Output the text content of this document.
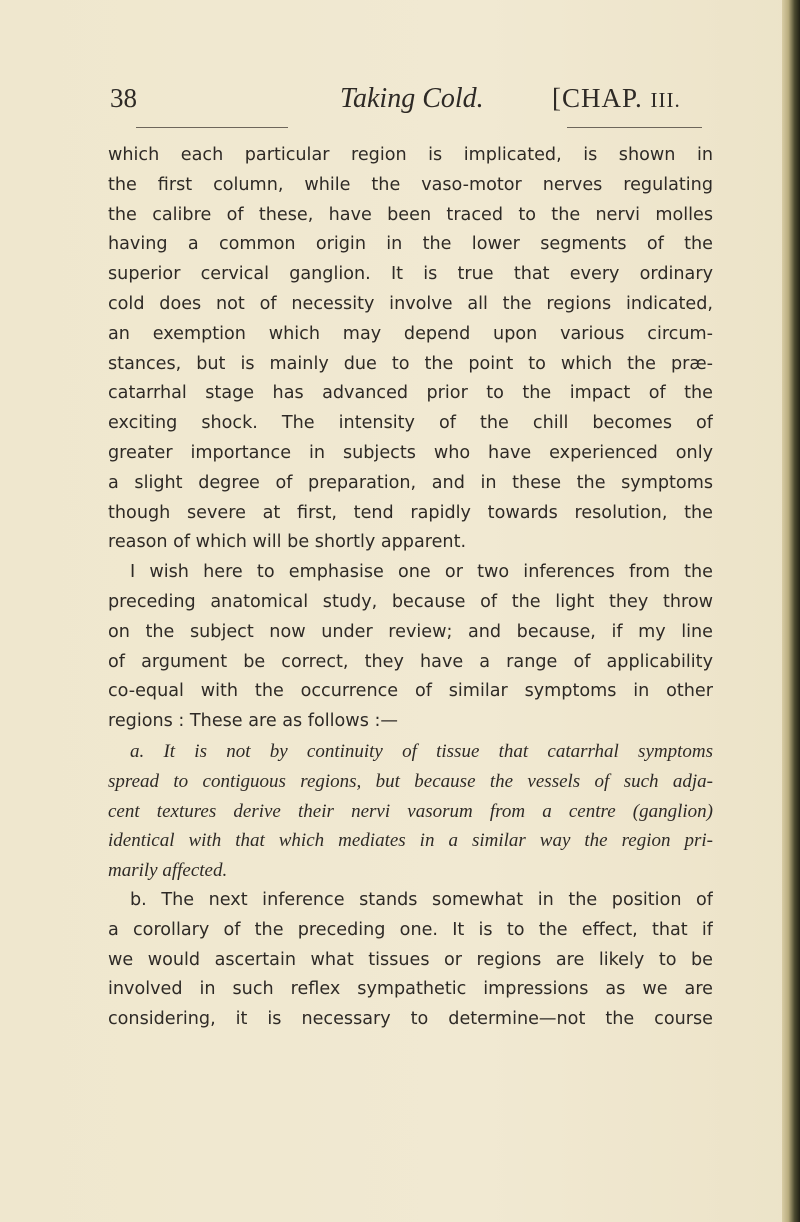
38	Taking Cold.	[CHAP. III.
which each particular region is implicated, is shown in
the first column, while the vaso-motor nerves regulating
the calibre of these, have been traced to the nervi molles
having a common origin in the lower segments of the
superior cervical ganglion. It is true that every ordinary
cold does not of necessity involve all the regions indicated,
an exemption which may depend upon various circum-
stances, but is mainly due to the point to which the præ-
catarrhal stage has advanced prior to the impact of the
exciting shock. The intensity of the chill becomes of
greater importance in subjects who have experienced only
a slight degree of preparation, and in these the symptoms
though severe at first, tend rapidly towards resolution, the
reason of which will be shortly apparent.
I wish here to emphasise one or two inferences from the
preceding anatomical study, because of the light they throw
on the subject now under review; and because, if my line
of argument be correct, they have a range of applicability
co-equal with the occurrence of similar symptoms in other
regions : These are as follows :—
a. It is not by continuity of tissue that catarrhal symptoms
spread to contiguous regions, but because the vessels of such adja-
cent textures derive their nervi vasorum from a centre (ganglion)
identical with that which mediates in a similar way the region pri-
marily affected.
b. The next inference stands somewhat in the position of
a corollary of the preceding one. It is to the effect, that if
we would ascertain what tissues or regions are likely to be
involved in such reflex sympathetic impressions as we are
considering, it is necessary to determine—not the course
